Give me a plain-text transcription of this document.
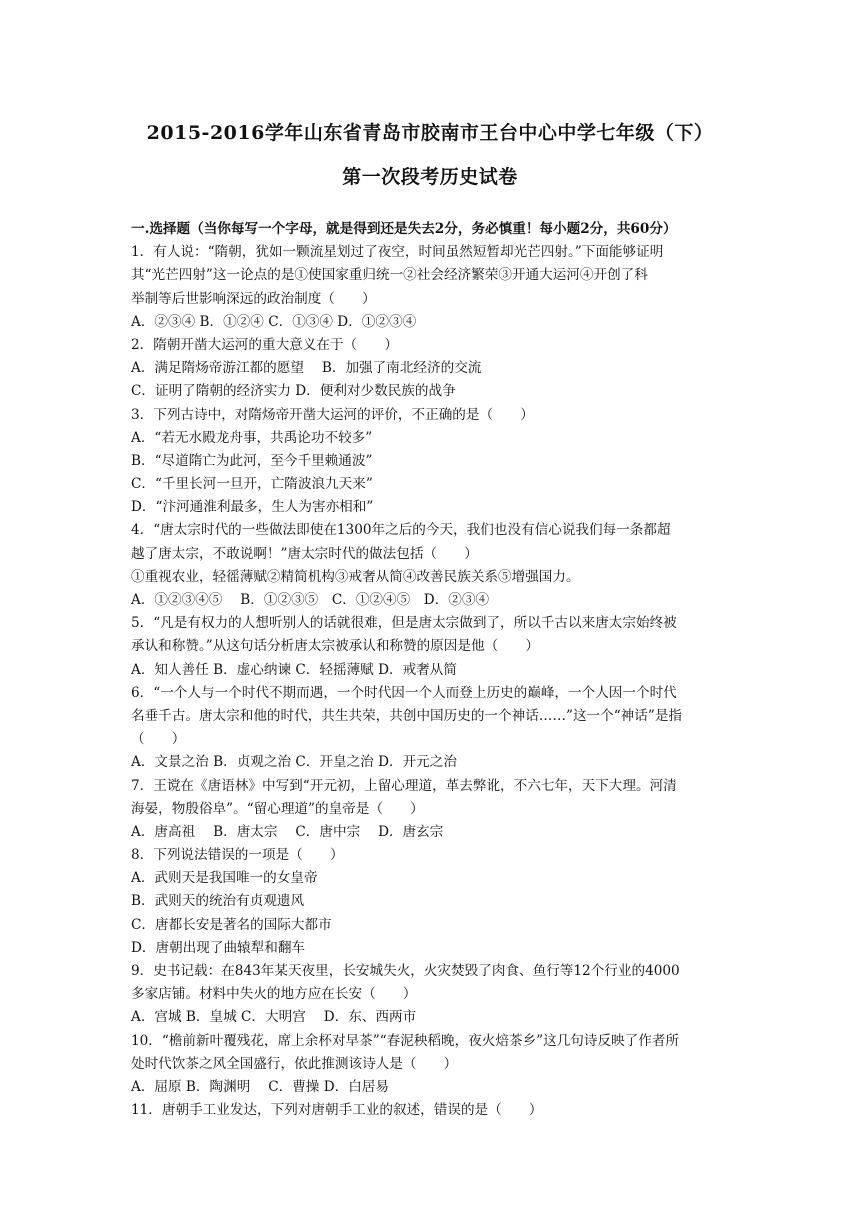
2015-2016学年山东省青岛市胶南市王台中心中学七年级（下）
第一次段考历史试卷
一.选择题（当你每写一个字母，就是得到还是失去2分，务必慎重！每小题2分，共60分）
1．有人说：“隋朝，犹如一颗流星划过了夜空，时间虽然短暂却光芒四射。”下面能够证明
其“光芒四射”这一论点的是①使国家重归统一②社会经济繁荣③开通大运河④开创了科
举制等后世影响深远的政治制度（　　）
A．②③④ B．①②④ C．①③④ D．①②③④
2．隋朝开凿大运河的重大意义在于（　　）
A．满足隋炀帝游江都的愿望　 B．加强了南北经济的交流
C．证明了隋朝的经济实力 D．便利对少数民族的战争
3．下列古诗中，对隋炀帝开凿大运河的评价，不正确的是（　　）
A．“若无水殿龙舟事，共禹论功不较多”
B．“尽道隋亡为此河，至今千里赖通波”
C．“千里长河一旦开，亡隋波浪九天来”
D．“汴河通淮利最多，生人为害亦相和”
4．“唐太宗时代的一些做法即使在1300年之后的今天，我们也没有信心说我们每一条都超
越了唐太宗，不敢说啊！”唐太宗时代的做法包括（　　）
①重视农业，轻徭薄赋②精简机构③戒奢从简④改善民族关系⑤增强国力。
A．①②③④⑤　 B．①②③⑤　C．①②④⑤　D．②③④
5．“凡是有权力的人想听别人的话就很难，但是唐太宗做到了，所以千古以来唐太宗始终被
承认和称赞。”从这句话分析唐太宗被承认和称赞的原因是他（　　）
A．知人善任 B．虚心纳谏 C．轻摇薄赋 D．戒奢从简
6．“一个人与一个时代不期而遇，一个时代因一个人而登上历史的巅峰，一个人因一个时代
名垂千古。唐太宗和他的时代，共生共荣，共创中国历史的一个神话……”这一个“神话”是指
（　　）
A．文景之治 B．贞观之治 C．开皇之治 D．开元之治
7．王谠在《唐语林》中写到“开元初，上留心理道，革去弊讹，不六七年，天下大理。河清
海晏，物殷俗阜”。“留心理道”的皇帝是（　　）
A．唐高祖　 B．唐太宗　 C．唐中宗　 D．唐玄宗
8．下列说法错误的一项是（　　）
A．武则天是我国唯一的女皇帝
B．武则天的统治有贞观遗风
C．唐都长安是著名的国际大都市
D．唐朝出现了曲辕犁和翻车
9．史书记载：在843年某天夜里，长安城失火，火灾焚毁了肉食、鱼行等12个行业的4000
多家店铺。材料中失火的地方应在长安（　　）
A．宫城 B．皇城 C．大明宫　 D．东、西两市
10．“檐前新叶覆残花，席上余杯对早茶”“春泥秧稻晚，夜火焙茶乡”这几句诗反映了作者所
处时代饮茶之风全国盛行，依此推测该诗人是（　　）
A．屈原 B．陶渊明　 C．曹操 D．白居易
11．唐朝手工业发达，下列对唐朝手工业的叙述，错误的是（　　）
